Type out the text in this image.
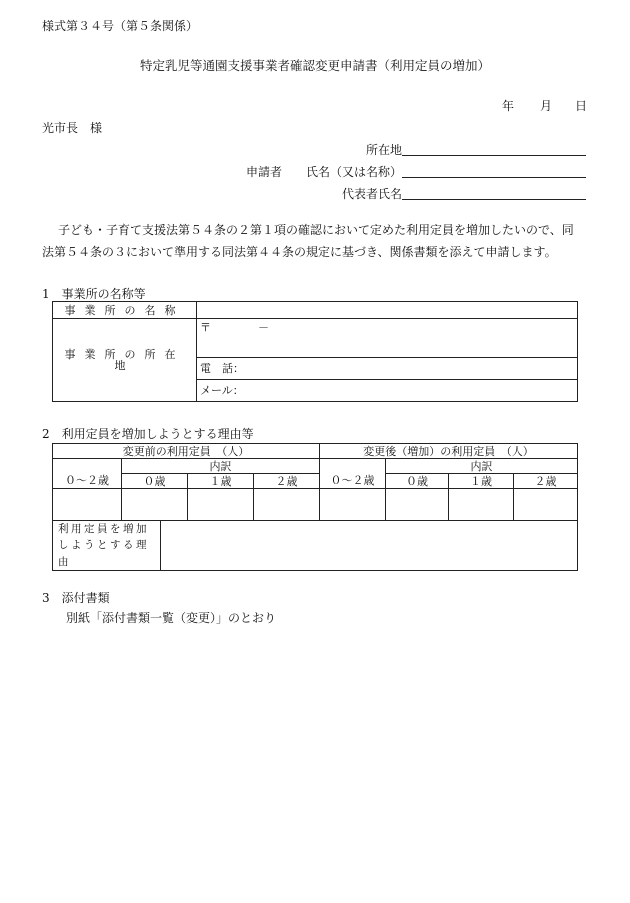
様式第３４号（第５条関係）
特定乳児等通園支援事業者確認変更申請書（利用定員の増加）
年 月 日
光市長　様
所在地
申請者 氏名（又は名称）
代表者氏名
子ども・子育て支援法第５４条の２第１項の確認において定めた利用定員を増加したいので、同
法第５４条の３において準用する同法第４４条の規定に基づき、関係書類を添えて申請します。
1　事業所の名称等
事業所の名称	
事業所の所在地	〒 －
	電　話：
	メール：
2　利用定員を増加しようとする理由等
変更前の利用定員　（人）				変更後（増加）の利用定員　（人）			
	内訳				内訳		
０～２歳	０歳	１歳	２歳	０～２歳	０歳	１歳	２歳

利用定員を増加
しようとする理由

3　添付書類
別紙「添付書類一覧（変更）」のとおり
